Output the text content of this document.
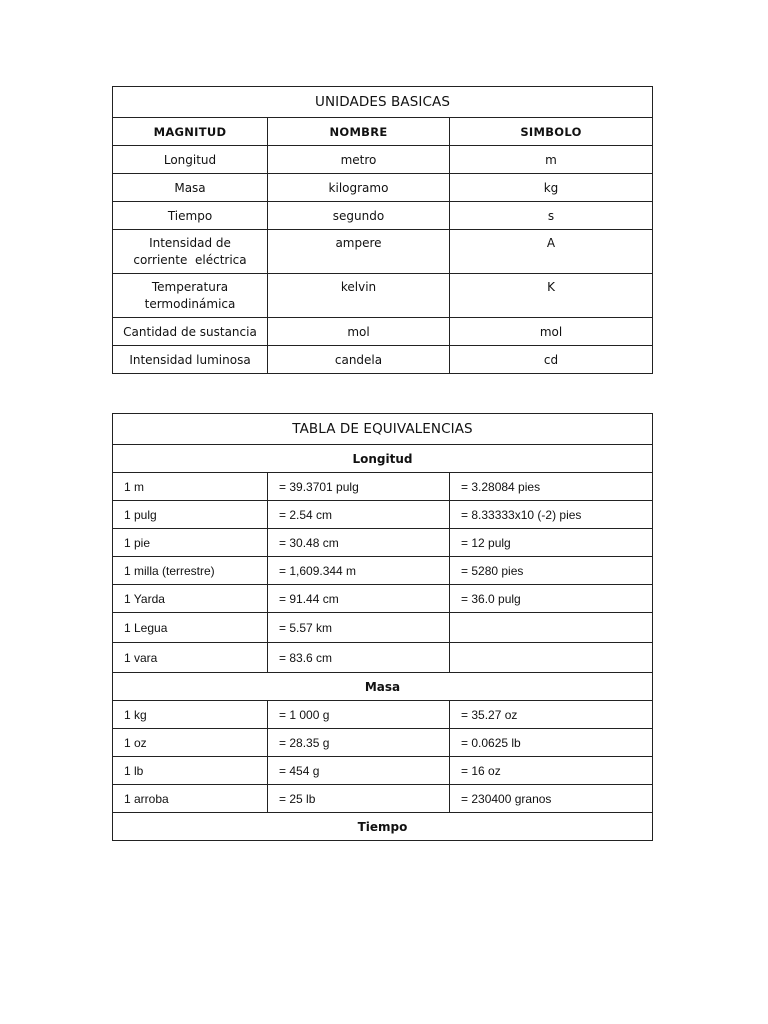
UNIDADES BASICAS		
MAGNITUD	NOMBRE	SIMBOLO
Longitud	metro	m
Masa	kilogramo	kg
Tiempo	segundo	s
Intensidad de
corriente  eléctrica	ampere	A
Temperatura
termodinámica	kelvin	K
Cantidad de sustancia	mol	mol
Intensidad luminosa	candela	cd
TABLA DE EQUIVALENCIAS		
Longitud		
1 m	= 39.3701 pulg	= 3.28084 pies
1 pulg	= 2.54 cm	= 8.33333x10 (-2) pies
1 pie	= 30.48 cm	= 12 pulg
1 milla (terrestre)	= 1,609.344 m	= 5280 pies
1 Yarda	= 91.44 cm	= 36.0 pulg
1 Legua	= 5.57 km	
1 vara	= 83.6 cm	
Masa		
1 kg	= 1 000 g	= 35.27 oz
1 oz	= 28.35 g	= 0.0625 lb
1 lb	= 454 g	= 16 oz
1 arroba	= 25 lb	= 230400 granos
Tiempo		
